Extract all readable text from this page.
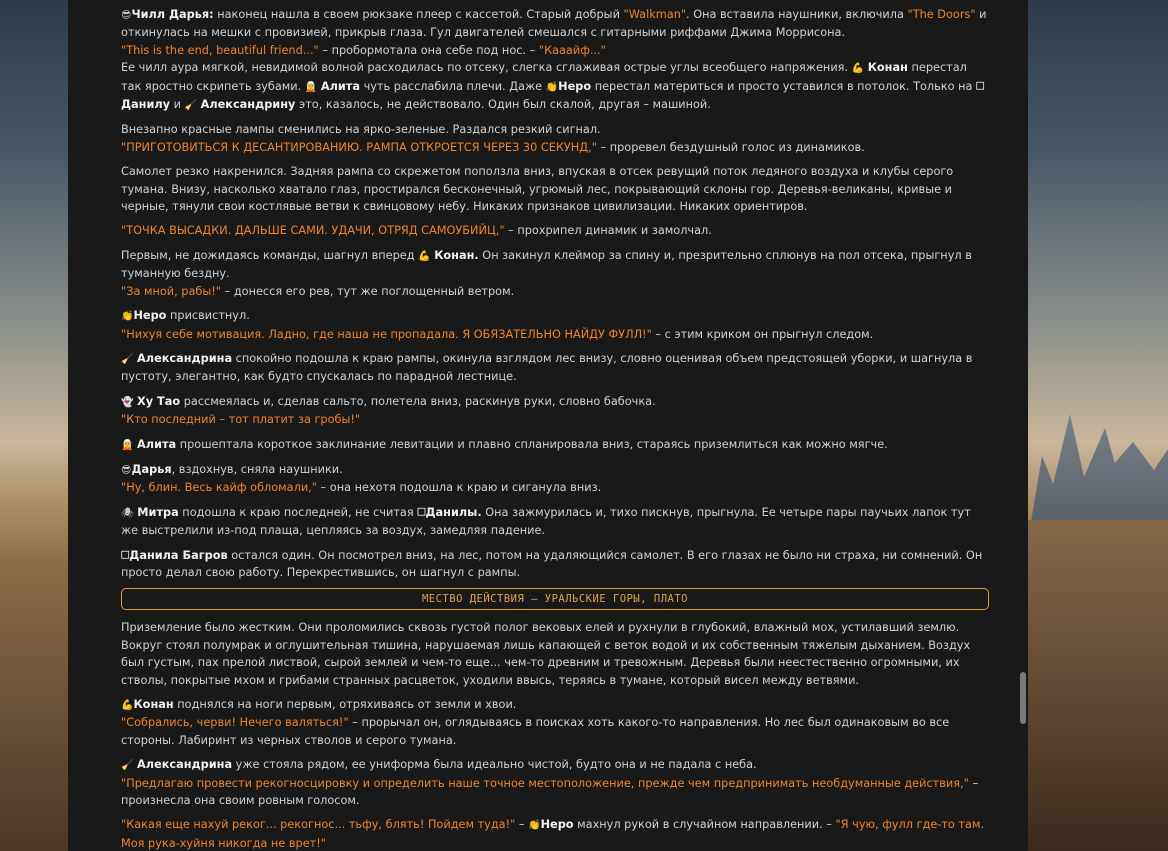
😎Чилл Дарья: наконец нашла в своем рюкзаке плеер с кассетой. Старый добрый "Walkman". Она вставила наушники, включила "The Doors" и откинулась на мешки с провизией, прикрыв глаза. Гул двигателей смешался с гитарными риффами Джима Моррисона.
"This is the end, beautiful friend..." – пробормотала она себе под нос. – "Кааайф..."
Ее чилл аура мягкой, невидимой волной расходилась по отсеку, слегка сглаживая острые углы всеобщего напряжения. 💪 Конан перестал так яростно скрипеть зубами. 🧝 Алита чуть расслабила плечи. Даже 👏Неро перестал материться и просто уставился в потолок. Только на 🗆Данилу и 🧹 Александрину это, казалось, не действовало. Один был скалой, другая – машиной.

Внезапно красные лампы сменились на ярко-зеленые. Раздался резкий сигнал.
"ПРИГОТОВИТЬСЯ К ДЕСАНТИРОВАНИЮ. РАМПА ОТКРОЕТСЯ ЧЕРЕЗ 30 СЕКУНД," – проревел бездушный голос из динамиков.

Самолет резко накренился. Задняя рампа со скрежетом поползла вниз, впуская в отсек ревущий поток ледяного воздуха и клубы серого тумана. Внизу, насколько хватало глаз, простирался бесконечный, угрюмый лес, покрывающий склоны гор. Деревья-великаны, кривые и черные, тянули свои костлявые ветви к свинцовому небу. Никаких признаков цивилизации. Никаких ориентиров.

"ТОЧКА ВЫСАДКИ. ДАЛЬШЕ САМИ. УДАЧИ, ОТРЯД САМОУБИЙЦ," – прохрипел динамик и замолчал.

Первым, не дожидаясь команды, шагнул вперед 💪 Конан. Он закинул клеймор за спину и, презрительно сплюнув на пол отсека, прыгнул в туманную бездну.
"За мной, рабы!" – донесся его рев, тут же поглощенный ветром.

👏Неро присвистнул.
"Нихуя себе мотивация. Ладно, где наша не пропадала. Я ОБЯЗАТЕЛЬНО НАЙДУ ФУЛЛ!" – с этим криком он прыгнул следом.

🧹 Александрина спокойно подошла к краю рампы, окинула взглядом лес внизу, словно оценивая объем предстоящей уборки, и шагнула в пустоту, элегантно, как будто спускалась по парадной лестнице.

👻 Ху Тао рассмеялась и, сделав сальто, полетела вниз, раскинув руки, словно бабочка.
"Кто последний – тот платит за гробы!"

🧝 Алита прошептала короткое заклинание левитации и плавно спланировала вниз, стараясь приземлиться как можно мягче.

😎Дарья, вздохнув, сняла наушники.
"Ну, блин. Весь кайф обломали," – она нехотя подошла к краю и сиганула вниз.

🕷 Митра подошла к краю последней, не считая 🗆Данилы. Она зажмурилась и, тихо пискнув, прыгнула. Ее четыре пары паучьих лапок тут же выстрелили из-под плаща, цепляясь за воздух, замедляя падение.

🗆Данила Багров остался один. Он посмотрел вниз, на лес, потом на удаляющийся самолет. В его глазах не было ни страха, ни сомнений. Он просто делал свою работу. Перекрестившись, он шагнул с рампы.

МЕСТВО ДЕЙСТВИЯ – УРАЛЬСКИЕ ГОРЫ, ПЛАТО

Приземление было жестким. Они проломились сквозь густой полог вековых елей и рухнули в глубокий, влажный мох, устилавший землю. Вокруг стоял полумрак и оглушительная тишина, нарушаемая лишь капающей с веток водой и их собственным тяжелым дыханием. Воздух был густым, пах прелой листвой, сырой землей и чем-то еще... чем-то древним и тревожным. Деревья были неестественно огромными, их стволы, покрытые мхом и грибами странных расцветок, уходили ввысь, теряясь в тумане, который висел между ветвями.

💪Конан поднялся на ноги первым, отряхиваясь от земли и хвои.
"Собрались, черви! Нечего валяться!" – прорычал он, оглядываясь в поисках хоть какого-то направления. Но лес был одинаковым во все стороны. Лабиринт из черных стволов и серого тумана.

🧹 Александрина уже стояла рядом, ее униформа была идеально чистой, будто она и не падала с неба.
"Предлагаю провести рекогносцировку и определить наше точное местоположение, прежде чем предпринимать необдуманные действия," – произнесла она своим ровным голосом.

"Какая еще нахуй реког... рекогнос... тьфу, блять! Пойдем туда!" – 👏Неро махнул рукой в случайном направлении. – "Я чую, фулл где-то там. Моя рука-хуйня никогда не врет!"
